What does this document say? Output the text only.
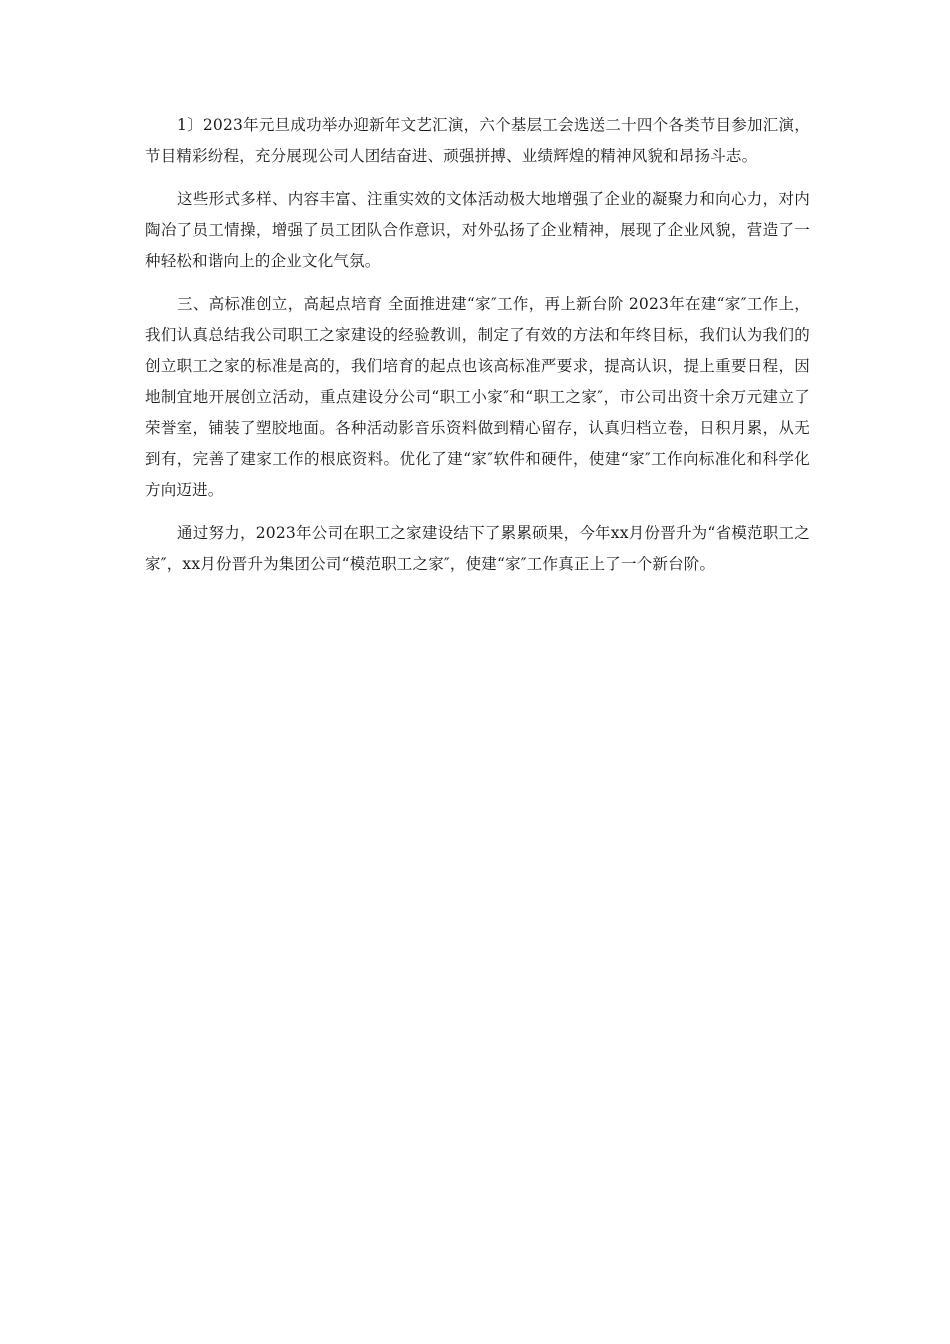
1〕2023年元旦成功举办迎新年文艺汇演，六个基层工会选送二十四个各类节目参加汇演，节目精彩纷程，充分展现公司人团结奋进、顽强拼搏、业绩辉煌的精神风貌和昂扬斗志。

这些形式多样、内容丰富、注重实效的文体活动极大地增强了企业的凝聚力和向心力，对内陶冶了员工情操，增强了员工团队合作意识，对外弘扬了企业精神，展现了企业风貌，营造了一种轻松和谐向上的企业文化气氛。

三、高标准创立，高起点培育 全面推进建“家″工作，再上新台阶 2023年在建“家″工作上，我们认真总结我公司职工之家建设的经验教训，制定了有效的方法和年终目标，我们认为我们的创立职工之家的标准是高的，我们培育的起点也该高标准严要求，提高认识，提上重要日程，因地制宜地开展创立活动，重点建设分公司“职工小家″和“职工之家″，市公司出资十余万元建立了荣誉室，铺装了塑胶地面。各种活动影音乐资料做到精心留存，认真归档立卷，日积月累，从无到有，完善了建家工作的根底资料。优化了建“家″软件和硬件，使建“家″工作向标准化和科学化方向迈进。

通过努力，2023年公司在职工之家建设结下了累累硕果，今年xx月份晋升为“省模范职工之家″，xx月份晋升为集团公司“模范职工之家″，使建“家″工作真正上了一个新台阶。
